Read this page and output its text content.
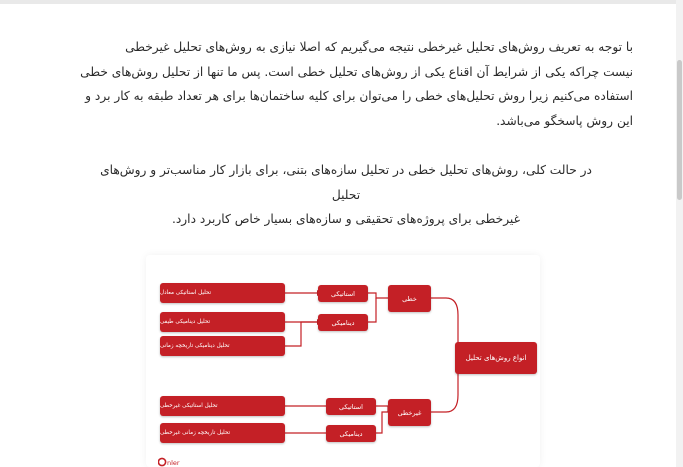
با توجه به تعریف روش‌های تحلیل غیرخطی نتیجه می‌گیریم که اصلا نیازی به روش‌های تحلیل غیرخطی
نیست چراکه یکی از شرایط آن اقناع یکی از روش‌های تحلیل خطی است. پس ما تنها از تحلیل روش‌های خطی
استفاده می‌کنیم زیرا روش تحلیل‌های خطی را می‌توان برای کلیه ساختمان‌ها برای هر تعداد طبقه به کار برد و
این روش پاسخگو می‌باشد.
در حالت کلی، روش‌های تحلیل خطی در تحلیل سازه‌های بتنی، برای بازار کار مناسب‌تر و روش‌های تحلیل
غیرخطی برای پروژه‌های تحقیقی و سازه‌های بسیار خاص کاربرد دارد.
تحلیل استاتیکی معادل
تحلیل دینامیکی طیفی
تحلیل دینامیکی تاریخچه زمانی
تحلیل استاتیکی غیرخطی
تحلیل تاریخچه زمانی غیرخطی
استاتیکی
دینامیکی
استاتیکی
دینامیکی
خطی
غیرخطی
انواع روش‌های تحلیل
nler
